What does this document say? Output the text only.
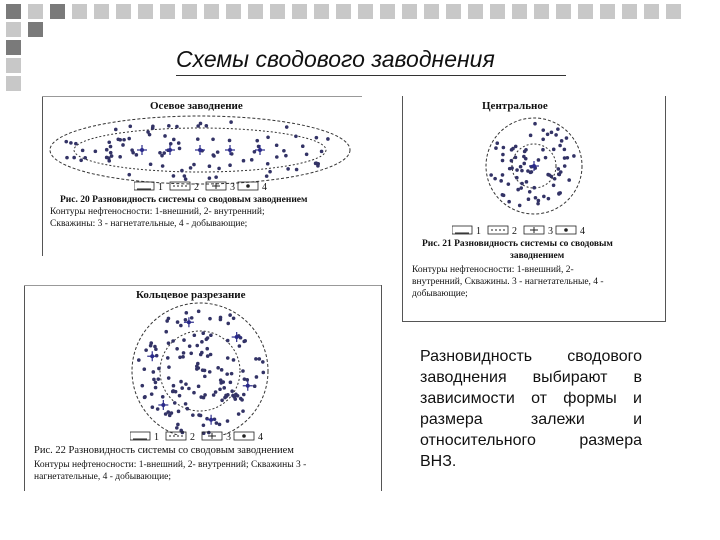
Схемы сводового заводнения
Осевое заводнение
1	2	3	4
Рис. 20 Разновидность системы со сводовым заводнением
Контуры нефтеносности: 1-внешний, 2- внутренний;
Скважины: 3 - нагнетательные, 4 - добывающие;
Центральное
1	2	3	4
Рис. 21 Разновидность системы со сводовым
заводнением
Контуры нефтеносности: 1-внешний, 2-
внутренний, Скважины. 3 - нагнетательные, 4 -
добывающие;
Кольцевое разрезание
1	2	3	4
Рис. 22 Разновидность системы со сводовым заводнением
Контуры нефтеносности: 1-внешний, 2- внутренний; Скважины 3 -
нагнетательные, 4 - добывающие;
Разновидность сводового заводнения выбирают в зависимости от формы и размера залежи и относительного размера ВНЗ.
